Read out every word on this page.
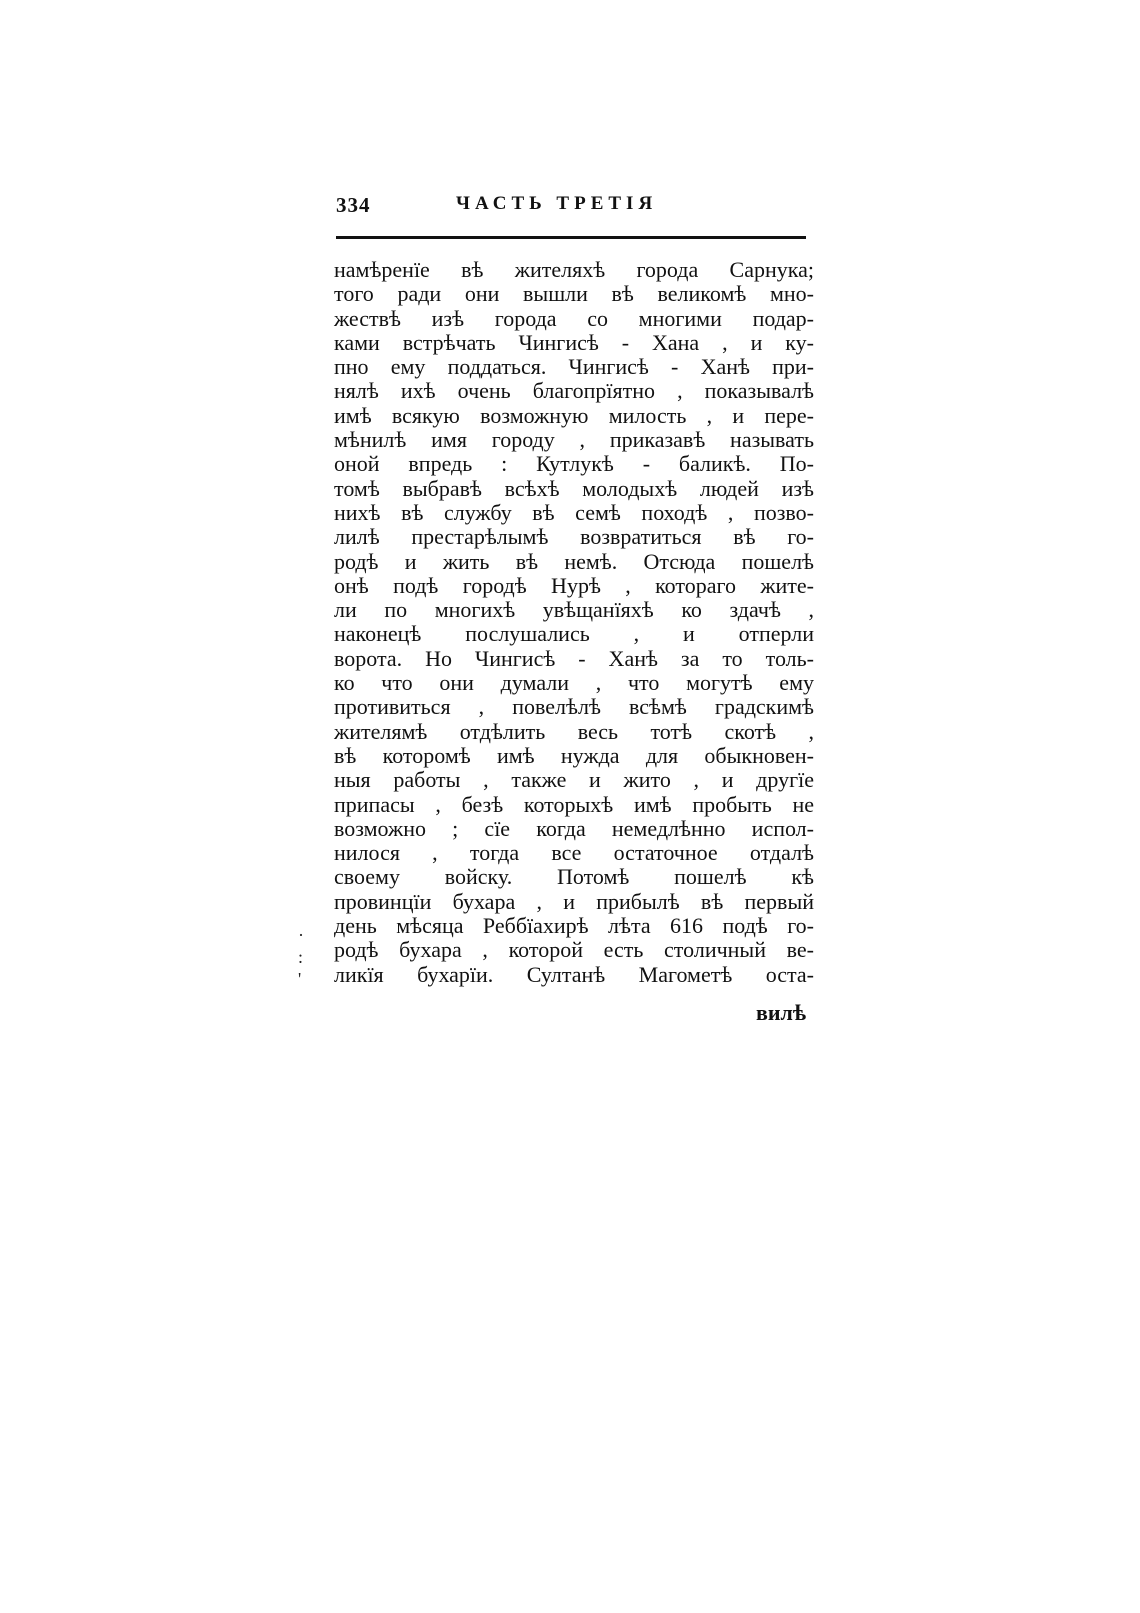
334	ЧАСТЬ ТРЕТІЯ
намѣренїе вѣ жителяхѣ города Сарнука;
того ради они вышли вѣ великомѣ мно-
жествѣ изѣ города со многими подар-
ками встрѣчать Чингисѣ - Хана , и ку-
пно ему поддаться. Чингисѣ - Ханѣ при-
нялѣ ихѣ очень благопрїятно , показывалѣ
имѣ всякую возможную милость , и пере-
мѣнилѣ имя городу , приказавѣ называть
оной впредь : Кутлукѣ - баликѣ. По-
томѣ выбравѣ всѣхѣ молодыхѣ людей изѣ
нихѣ вѣ службу вѣ семѣ походѣ , позво-
лилѣ престарѣлымѣ возвратиться вѣ го-
родѣ и жить вѣ немѣ. Отсюда пошелѣ
онѣ подѣ городѣ Нурѣ , котораго жите-
ли по многихѣ увѣщанїяхѣ ко здачѣ ,
наконецѣ послушались , и отперли
ворота. Но Чингисѣ - Ханѣ за то толь-
ко что они думали , что могутѣ ему
противиться , повелѣлѣ всѣмѣ градскимѣ
жителямѣ отдѣлить весь тотѣ скотѣ ,
вѣ которомѣ имѣ нужда для обыкновен-
ныя работы , также и жито , и другїе
припасы , безѣ которыхѣ имѣ пробыть не
возможно ; сїе когда немедлѣнно испол-
нилося , тогда все остаточное отдалѣ
своему войску. Потомѣ пошелѣ кѣ
провинцїи бухара , и прибылѣ вѣ первый
день мѣсяца Реббїахирѣ лѣта 616 подѣ го-
родѣ бухара , которой есть столичный ве-
ликїя бухарїи. Султанѣ Магометѣ оста-
·
:
'
вилѣ
